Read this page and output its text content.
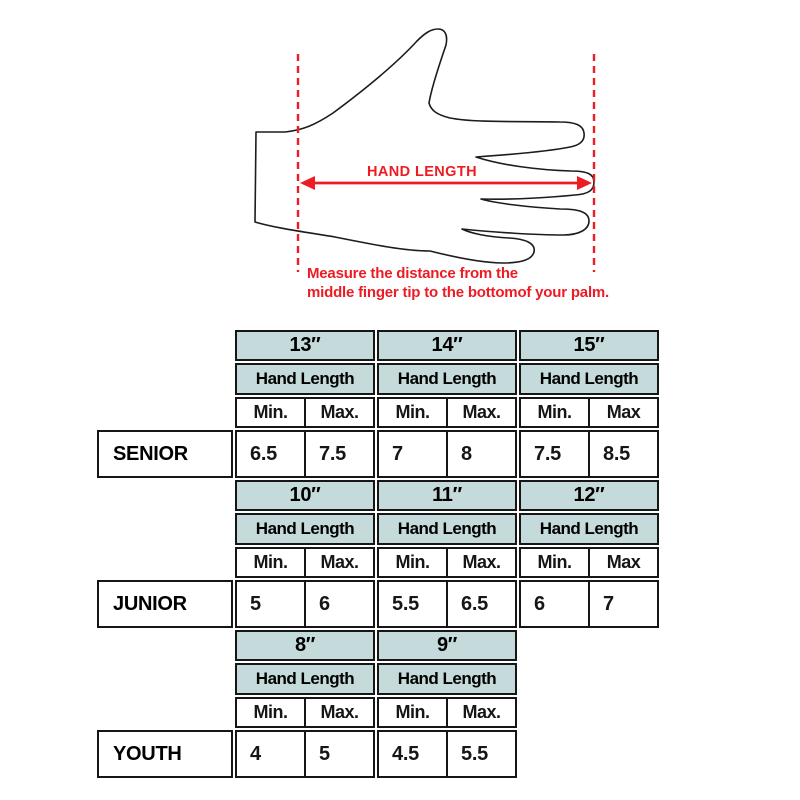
HAND LENGTH
Measure the distance from the
middle finger tip to the bottomof your palm.
13″	14″	15″
Hand Length	Hand Length	Hand Length
Min.	Max.	Min.	Max.	Min.	Max
SENIOR	6.5	7.5	7	8	7.5	8.5
10″	11″	12″
Hand Length	Hand Length	Hand Length
Min.	Max.	Min.	Max.	Min.	Max
JUNIOR	5	6	5.5	6.5	6	7
8″	9″
Hand Length	Hand Length
Min.	Max.	Min.	Max.
YOUTH	4	5	4.5	5.5
